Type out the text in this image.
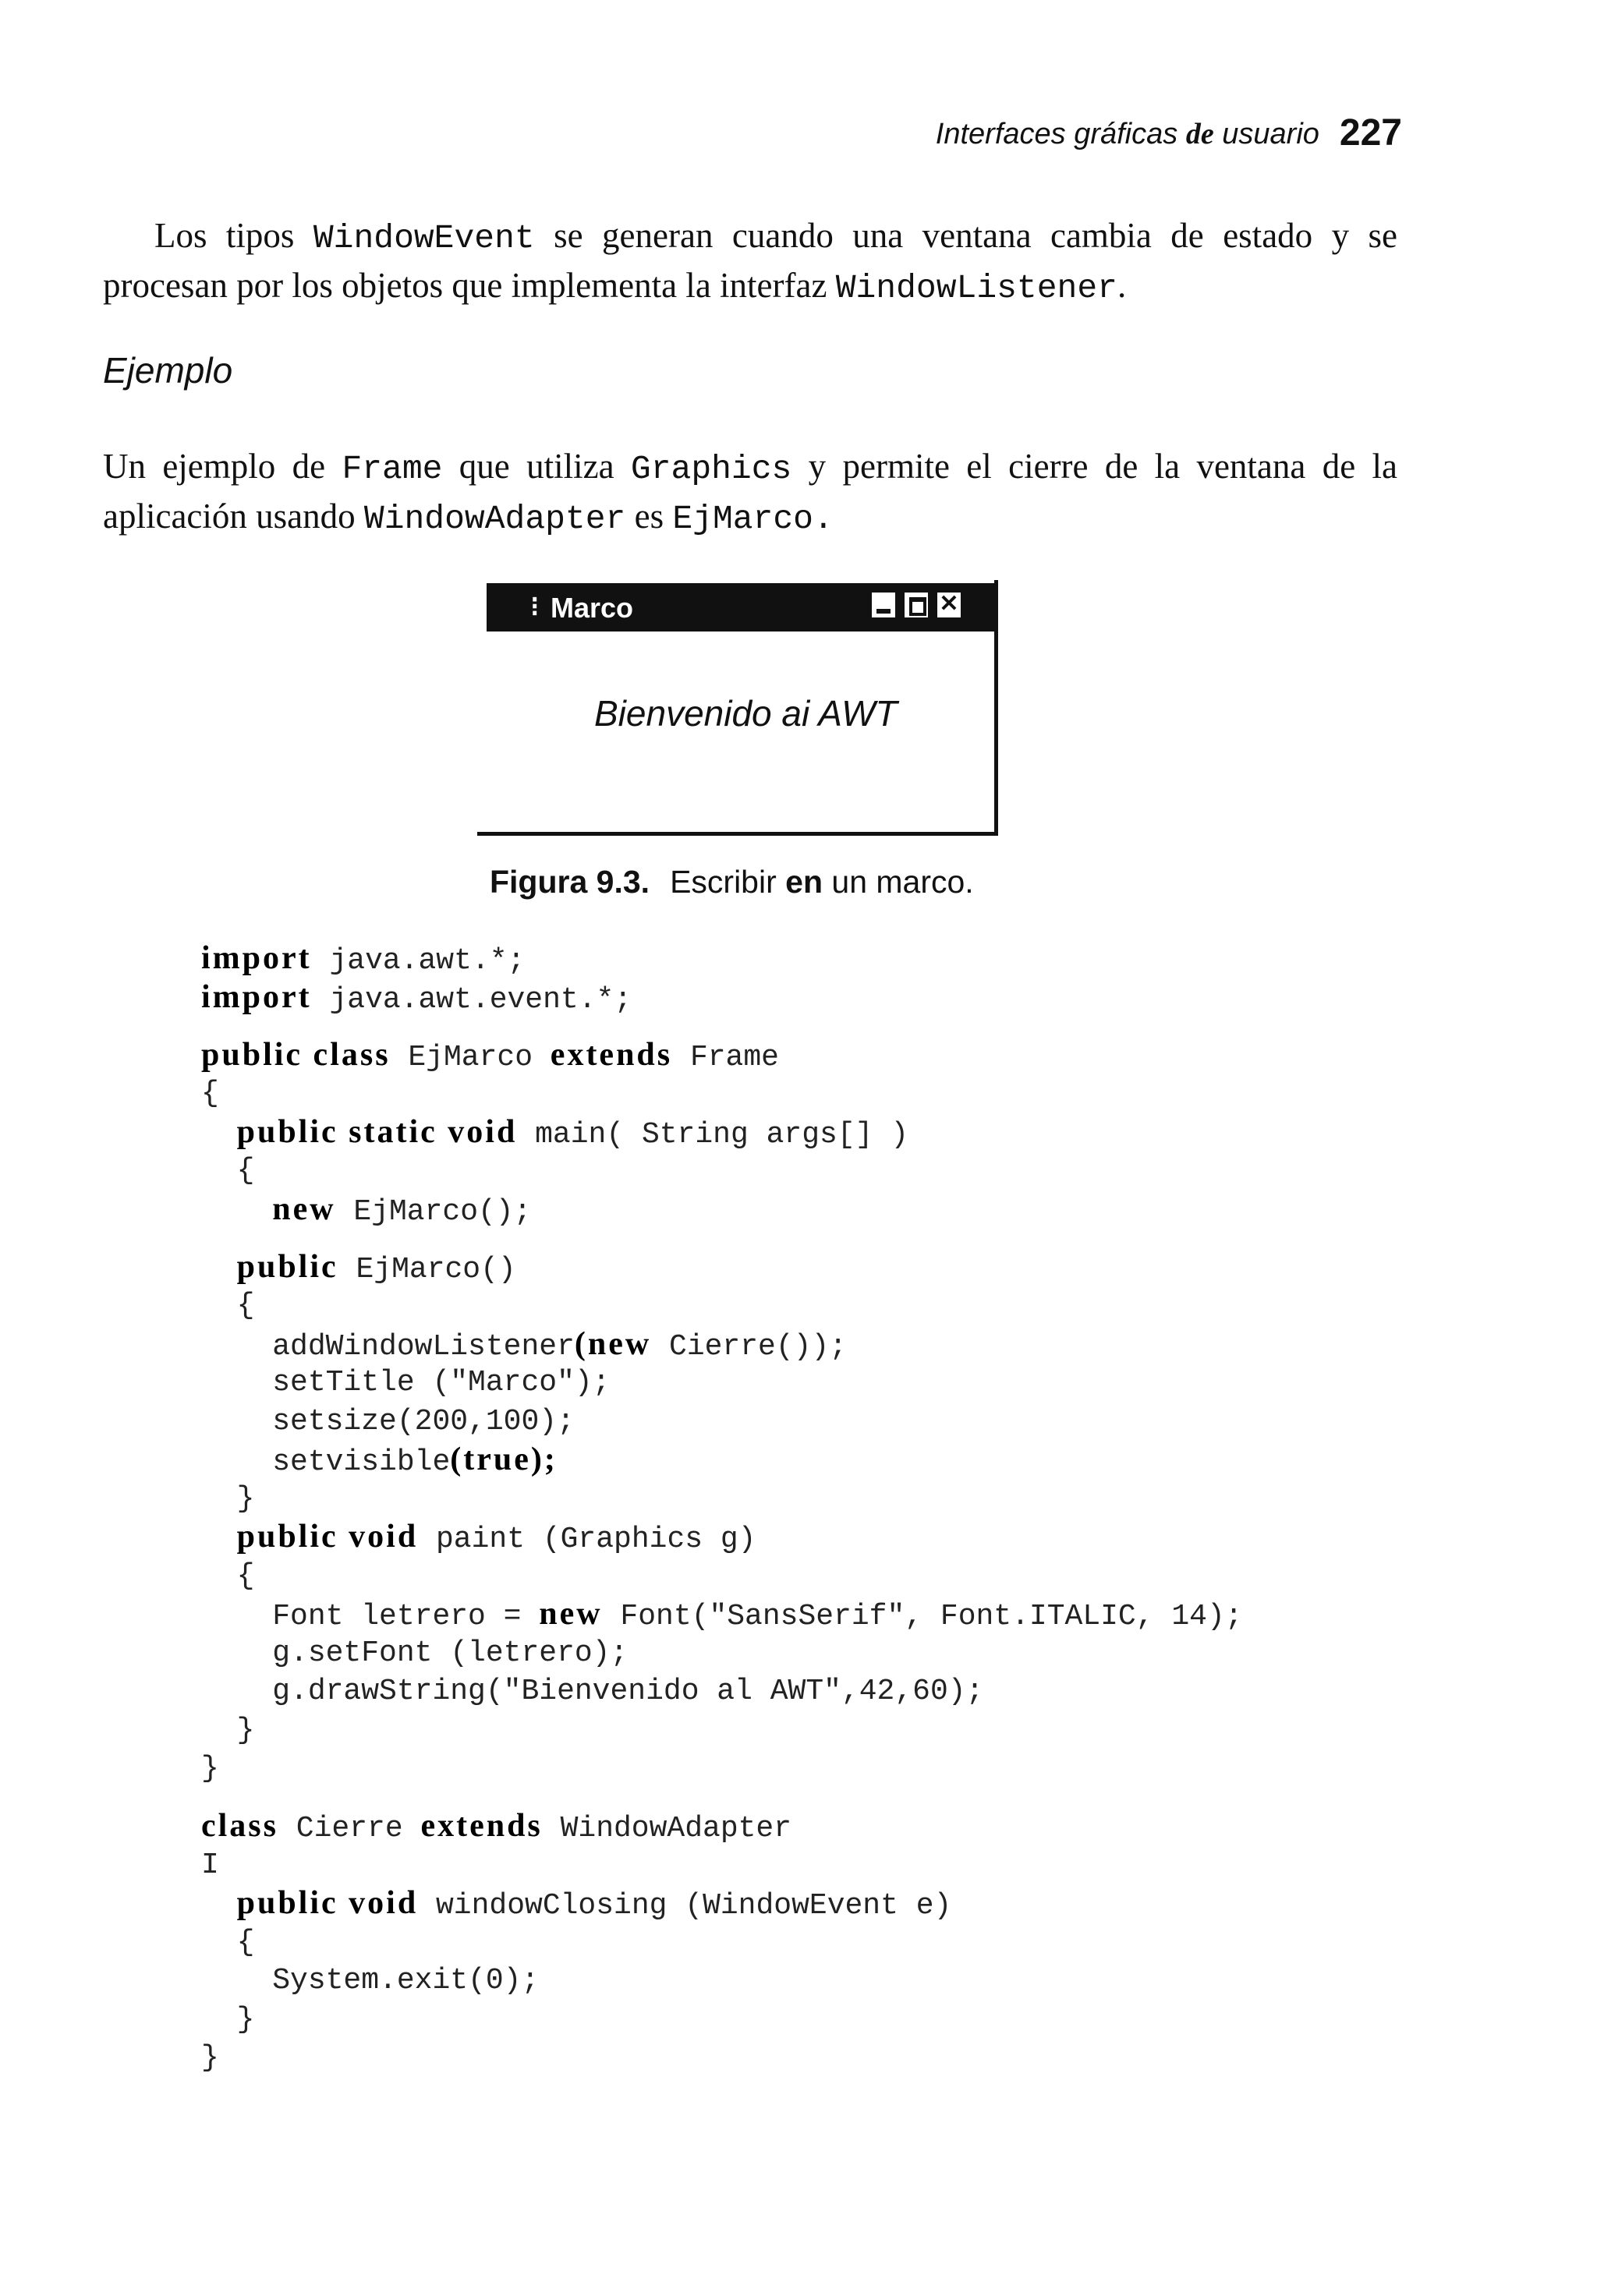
Interfaces gráficas de usuario 227
Los tipos WindowEvent se generan cuando una ventana cambia de estado y se procesan por los objetos que implementa la interfaz WindowListener.
Ejemplo
Un ejemplo de Frame que utiliza Graphics y permite el cierre de la ventana de la aplicación usando WindowAdapter es EjMarco.
⁝ Marco	✕
Bienvenido ai AWT
Figura 9.3. Escribir en un marco.
import java.awt.*;
import java.awt.event.*;
public class EjMarco extends Frame
{
public static void main( String args[] )
{
new EjMarco();
public EjMarco()
{
addWindowListener(new Cierre());
setTitle ("Marco");
setsize(200,100);
setvisible(true);
}
public void paint (Graphics g)
{
Font letrero = new Font("SansSerif", Font.ITALIC, 14);
g.setFont (letrero);
g.drawString("Bienvenido al AWT",42,60);
}
}
class Cierre extends WindowAdapter
I
public void windowClosing (WindowEvent e)
{
System.exit(0);
}
}
